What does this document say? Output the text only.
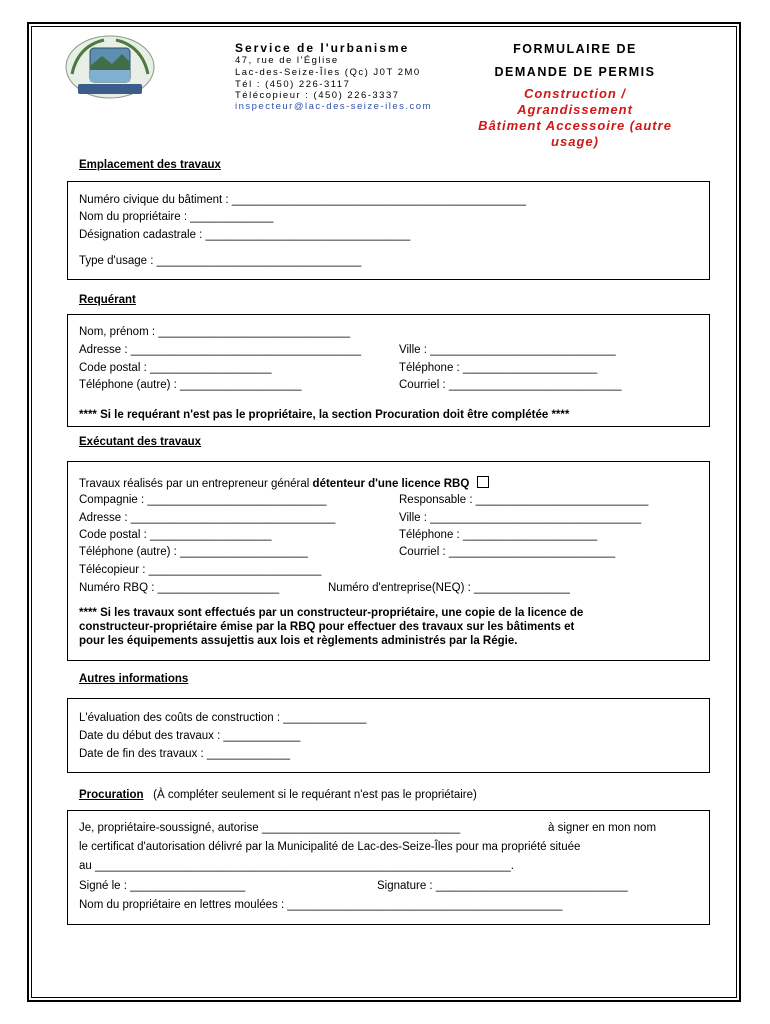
Service de l'urbanisme
47, rue de l'Église
Lac-des-Seize-Îles (Qc) J0T 2M0
Tél : (450) 226-3117
Télécopieur : (450) 226-3337
inspecteur@lac-des-seize-iles.com
FORMULAIRE DE
DEMANDE DE PERMIS
Construction /
Agrandissement
Bâtiment Accessoire (autre
usage)
Emplacement des travaux
Numéro civique du bâtiment : ______________________________________________
Nom du propriétaire : _____________
Désignation cadastrale : ________________________________
Type d'usage : ________________________________
Requérant
Nom, prénom : ______________________________
Adresse : ____________________________________	Ville : _____________________________
Code postal : ___________________	Téléphone : _____________________
Téléphone (autre) : ___________________	Courriel : ___________________________
**** Si le requérant n'est pas le propriétaire, la section Procuration doit être complétée ****
Exécutant des travaux
Travaux réalisés par un entrepreneur général détenteur d'une licence RBQ
Compagnie : ____________________________	Responsable : ___________________________
Adresse : ________________________________	Ville : _________________________________
Code postal : ___________________	Téléphone : _____________________
Téléphone (autre) : ____________________	Courriel : __________________________
Télécopieur : ___________________________
Numéro RBQ : ___________________	Numéro d'entreprise(NEQ) : _______________
**** Si les travaux sont effectués par un constructeur-propriétaire, une copie de la licence de
constructeur-propriétaire émise par la RBQ pour effectuer des travaux sur les bâtiments et
pour les équipements assujettis aux lois et règlements administrés par la Régie.
Autres informations
L'évaluation des coûts de construction : _____________
Date du début des travaux : ____________
Date de fin des travaux : _____________
Procuration (À compléter seulement si le requérant n'est pas le propriétaire)
Je, propriétaire-soussigné, autorise _______________________________	à signer en mon nom
le certificat d'autorisation délivré par la Municipalité de Lac-des-Seize-Îles pour ma propriété située
au _________________________________________________________________.
Signé le : __________________	Signature : ______________________________
Nom du propriétaire en lettres moulées : ___________________________________________
